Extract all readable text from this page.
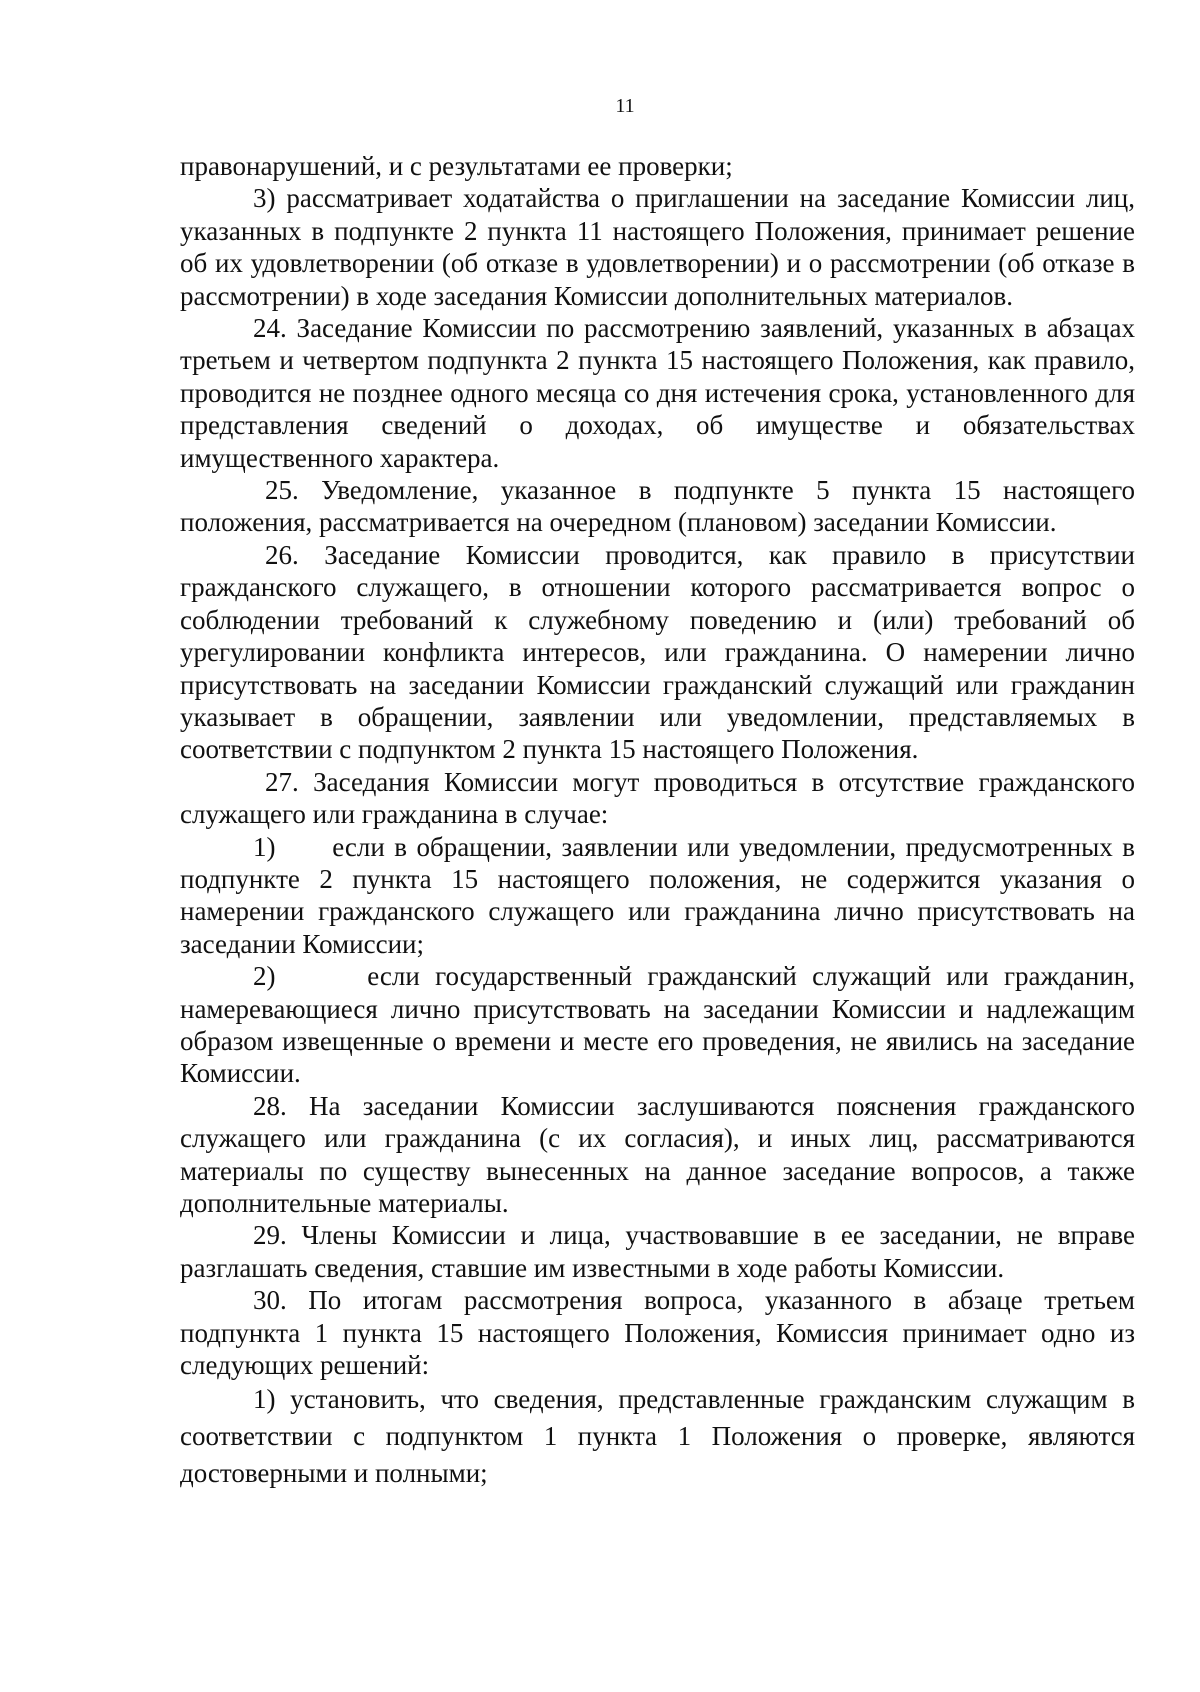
11

правонарушений, и с результатами ее проверки;

3) рассматривает ходатайства о приглашении на заседание Комиссии лиц, указанных в подпункте 2 пункта 11 настоящего Положения, принимает решение об их удовлетворении (об отказе в удовлетворении) и о рассмотрении (об отказе в рассмотрении) в ходе заседания Комиссии дополнительных материалов.

24. Заседание Комиссии по рассмотрению заявлений, указанных в абзацах третьем и четвертом подпункта 2 пункта 15 настоящего Положения, как правило, проводится не позднее одного месяца со дня истечения срока, установленного для представления сведений о доходах, об имуществе и обязательствах имущественного характера.

25. Уведомление, указанное в подпункте 5 пункта 15 настоящего положения, рассматривается на очередном (плановом) заседании Комиссии.

26. Заседание Комиссии проводится, как правило в присутствии гражданского служащего, в отношении которого рассматривается вопрос о соблюдении требований к служебному поведению и (или) требований об урегулировании конфликта интересов, или гражданина. О намерении лично присутствовать на заседании Комиссии гражданский служащий или гражданин указывает в обращении, заявлении или уведомлении, представляемых в соответствии с подпунктом 2 пункта 15 настоящего Положения.

27. Заседания Комиссии могут проводиться в отсутствие гражданского служащего или гражданина в случае:

1)      если в обращении, заявлении или уведомлении, предусмотренных в подпункте 2 пункта 15 настоящего положения, не содержится указания о намерении гражданского служащего или гражданина лично присутствовать на заседании Комиссии;

2)      если государственный гражданский служащий или гражданин, намеревающиеся лично присутствовать на заседании Комиссии и надлежащим образом извещенные о времени и месте его проведения, не явились на заседание Комиссии.

28. На заседании Комиссии заслушиваются пояснения гражданского служащего или гражданина (с их согласия), и иных лиц, рассматриваются материалы по существу вынесенных на данное заседание вопросов, а также дополнительные материалы.

29. Члены Комиссии и лица, участвовавшие в ее заседании, не вправе разглашать сведения, ставшие им известными в ходе работы Комиссии.

30. По итогам рассмотрения вопроса, указанного в абзаце третьем подпункта 1 пункта 15 настоящего Положения, Комиссия принимает одно из следующих решений:

1) установить, что сведения, представленные гражданским служащим в соответствии с подпунктом 1 пункта 1 Положения о проверке, являются достоверными и полными;
